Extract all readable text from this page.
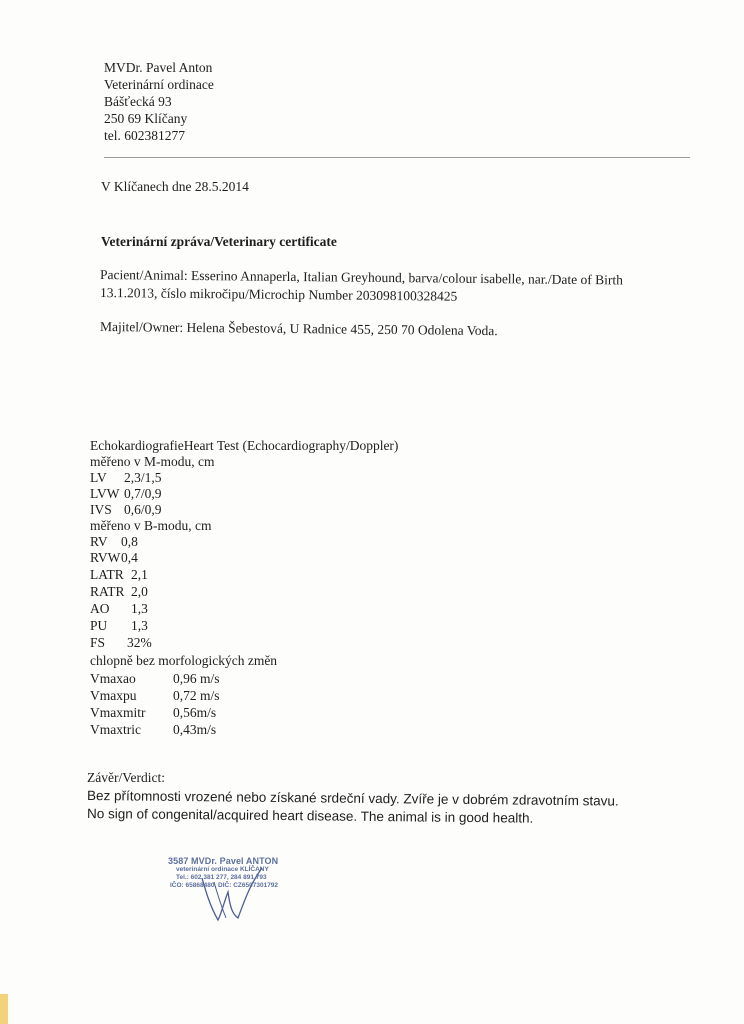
MVDr. Pavel Anton
Veterinární ordinace
Bášťecká 93
250 69 Klíčany
tel. 602381277
V Klíčanech dne 28.5.2014
Veterinární zpráva/Veterinary certificate
Pacient/Animal: Esserino Annaperla, Italian Greyhound, barva/colour isabelle, nar./Date of Birth
13.1.2013, číslo mikročipu/Microchip Number 203098100328425
Majitel/Owner: Helena Šebestová, U Radnice 455, 250 70 Odolena Voda.
EchokardiografieHeart Test (Echocardiography/Doppler)
měřeno v M-modu, cm
LV 2,3/1,5
LVW 0,7/0,9
IVS 0,6/0,9
měřeno v B-modu, cm
RV 0,8
RVW 0,4
LATR 2,1
RATR 2,0
AO 1,3
PU 1,3
FS 32%
chlopně bez morfologických změn
Vmaxao	0,96 m/s
Vmaxpu	0,72 m/s
Vmaxmitr 0,56m/s
Vmaxtric 0,43m/s
Závěr/Verdict:
Bez přítomnosti vrozené nebo získané srdeční vady. Zvíře je v dobrém zdravotním stavu.
No sign of congenital/acquired heart disease. The animal is in good health.
3587 MVDr. Pavel ANTON
veterinární ordinace KLÍČANY
Tel.: 602 381 277, 284 891 793
IČO: 65868480, DIČ: CZ6507301792
